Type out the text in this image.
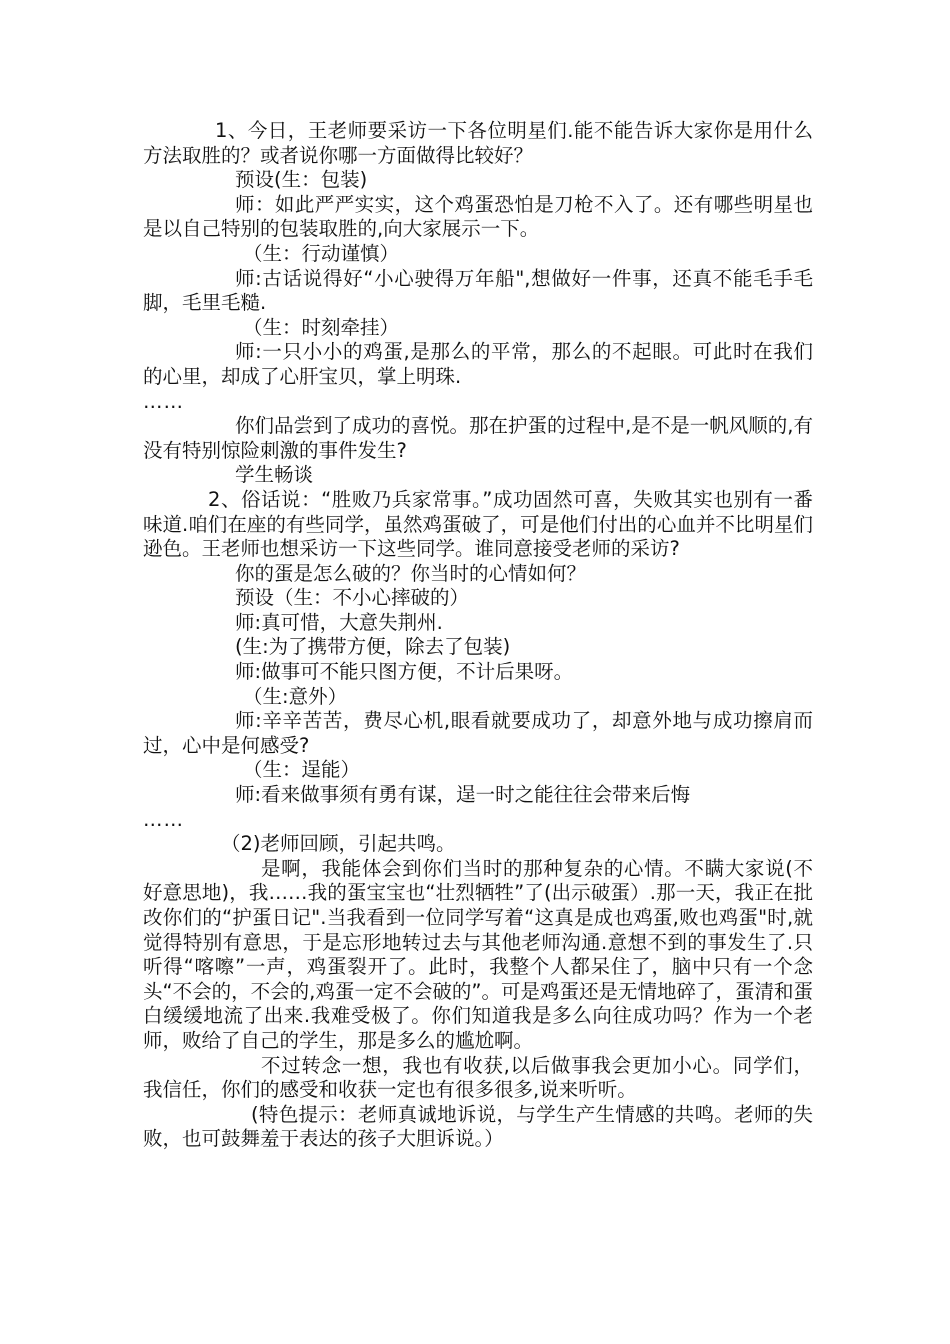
1、今日，王老师要采访一下各位明星们.能不能告诉大家你是用什么方法取胜的？或者说你哪一方面做得比较好？

预设(生：包装)

师：如此严严实实，这个鸡蛋恐怕是刀枪不入了。还有哪些明星也是以自己特别的包装取胜的,向大家展示一下。

（生：行动谨慎）

师:古话说得好“小心驶得万年船",想做好一件事，还真不能毛手毛脚，毛里毛糙.

（生：时刻牵挂）

师:一只小小的鸡蛋,是那么的平常，那么的不起眼。可此时在我们的心里，却成了心肝宝贝，掌上明珠.

……

你们品尝到了成功的喜悦。那在护蛋的过程中,是不是一帆风顺的,有没有特别惊险刺激的事件发生?

学生畅谈

2、俗话说：“胜败乃兵家常事。”成功固然可喜，失败其实也别有一番味道.咱们在座的有些同学，虽然鸡蛋破了，可是他们付出的心血并不比明星们逊色。王老师也想采访一下这些同学。谁同意接受老师的采访?

你的蛋是怎么破的？你当时的心情如何？

预设（生：不小心摔破的）

师:真可惜，大意失荆州.

(生:为了携带方便，除去了包装)

师:做事可不能只图方便，不计后果呀。

（生:意外）

师:辛辛苦苦，费尽心机,眼看就要成功了，却意外地与成功擦肩而过，心中是何感受?

（生：逞能）

师:看来做事须有勇有谋，逞一时之能往往会带来后悔

……

（2)老师回顾，引起共鸣。

是啊，我能体会到你们当时的那种复杂的心情。不瞒大家说(不好意思地)，我……我的蛋宝宝也“壮烈牺牲”了(出示破蛋）.那一天，我正在批改你们的“护蛋日记".当我看到一位同学写着“这真是成也鸡蛋,败也鸡蛋"时,就觉得特别有意思，于是忘形地转过去与其他老师沟通.意想不到的事发生了.只听得“喀嚓”一声，鸡蛋裂开了。此时，我整个人都呆住了，脑中只有一个念头“不会的，不会的,鸡蛋一定不会破的”。可是鸡蛋还是无情地碎了，蛋清和蛋白缓缓地流了出来.我难受极了。你们知道我是多么向往成功吗？作为一个老师，败给了自己的学生，那是多么的尴尬啊。

不过转念一想，我也有收获,以后做事我会更加小心。同学们，我信任，你们的感受和收获一定也有很多很多,说来听听。

(特色提示：老师真诚地诉说，与学生产生情感的共鸣。老师的失败，也可鼓舞羞于表达的孩子大胆诉说。）
